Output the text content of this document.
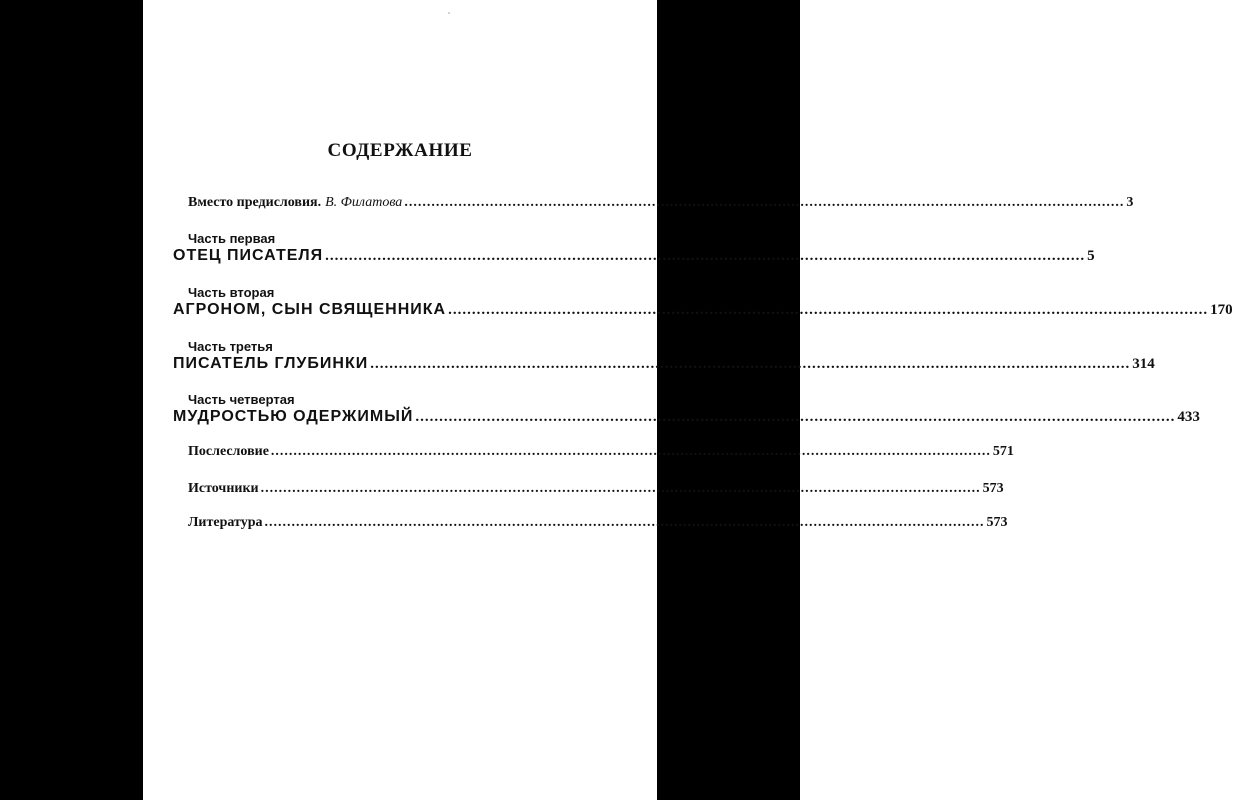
СОДЕРЖАНИЕ
Вместо предисловия. В. Филатова ................................................................................................................................................................ 3
Часть первая
ОТЕЦ ПИСАТЕЛЯ ................................................................................................................................................................ 5
Часть вторая
АГРОНОМ, СЫН СВЯЩЕННИКА ................................................................................................................................................................ 170
Часть третья
ПИСАТЕЛЬ ГЛУБИНКИ ................................................................................................................................................................ 314
Часть четвертая
МУДРОСТЬЮ ОДЕРЖИМЫЙ ................................................................................................................................................................ 433
Послесловие ................................................................................................................................................................ 571
Источники ................................................................................................................................................................ 573
Литература ................................................................................................................................................................ 573
